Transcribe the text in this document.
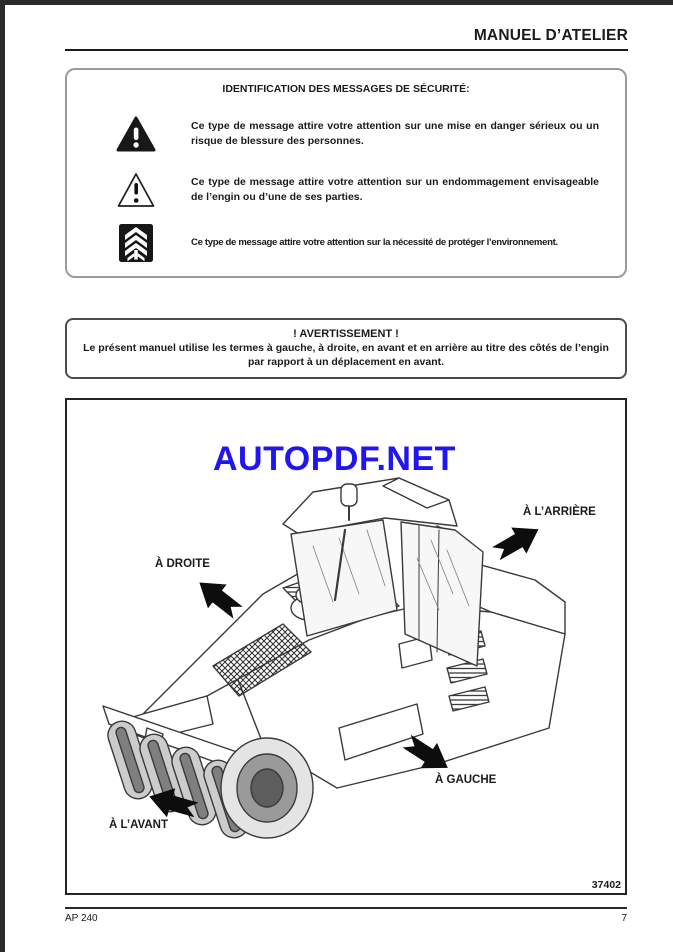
MANUEL D’ATELIER
IDENTIFICATION DES MESSAGES DE SÉCURITÉ:

Ce type de message attire votre attention sur une mise en danger sérieux ou un risque de blessure des personnes.

Ce type de message attire votre attention sur un endommagement envisageable de l’engin ou d’une de ses parties.

Ce type de message attire votre attention sur la nécessité de protéger l’environnement.

! AVERTISSEMENT !

Le présent manuel utilise les termes à gauche, à droite, en avant et en arrière au titre des côtés de l’engin par rapport à un déplacement en avant.

AUTOPDF.NET
À L’ARRIÈRE
À DROITE
À GAUCHE
À L’AVANT
37402
AP 240	7
